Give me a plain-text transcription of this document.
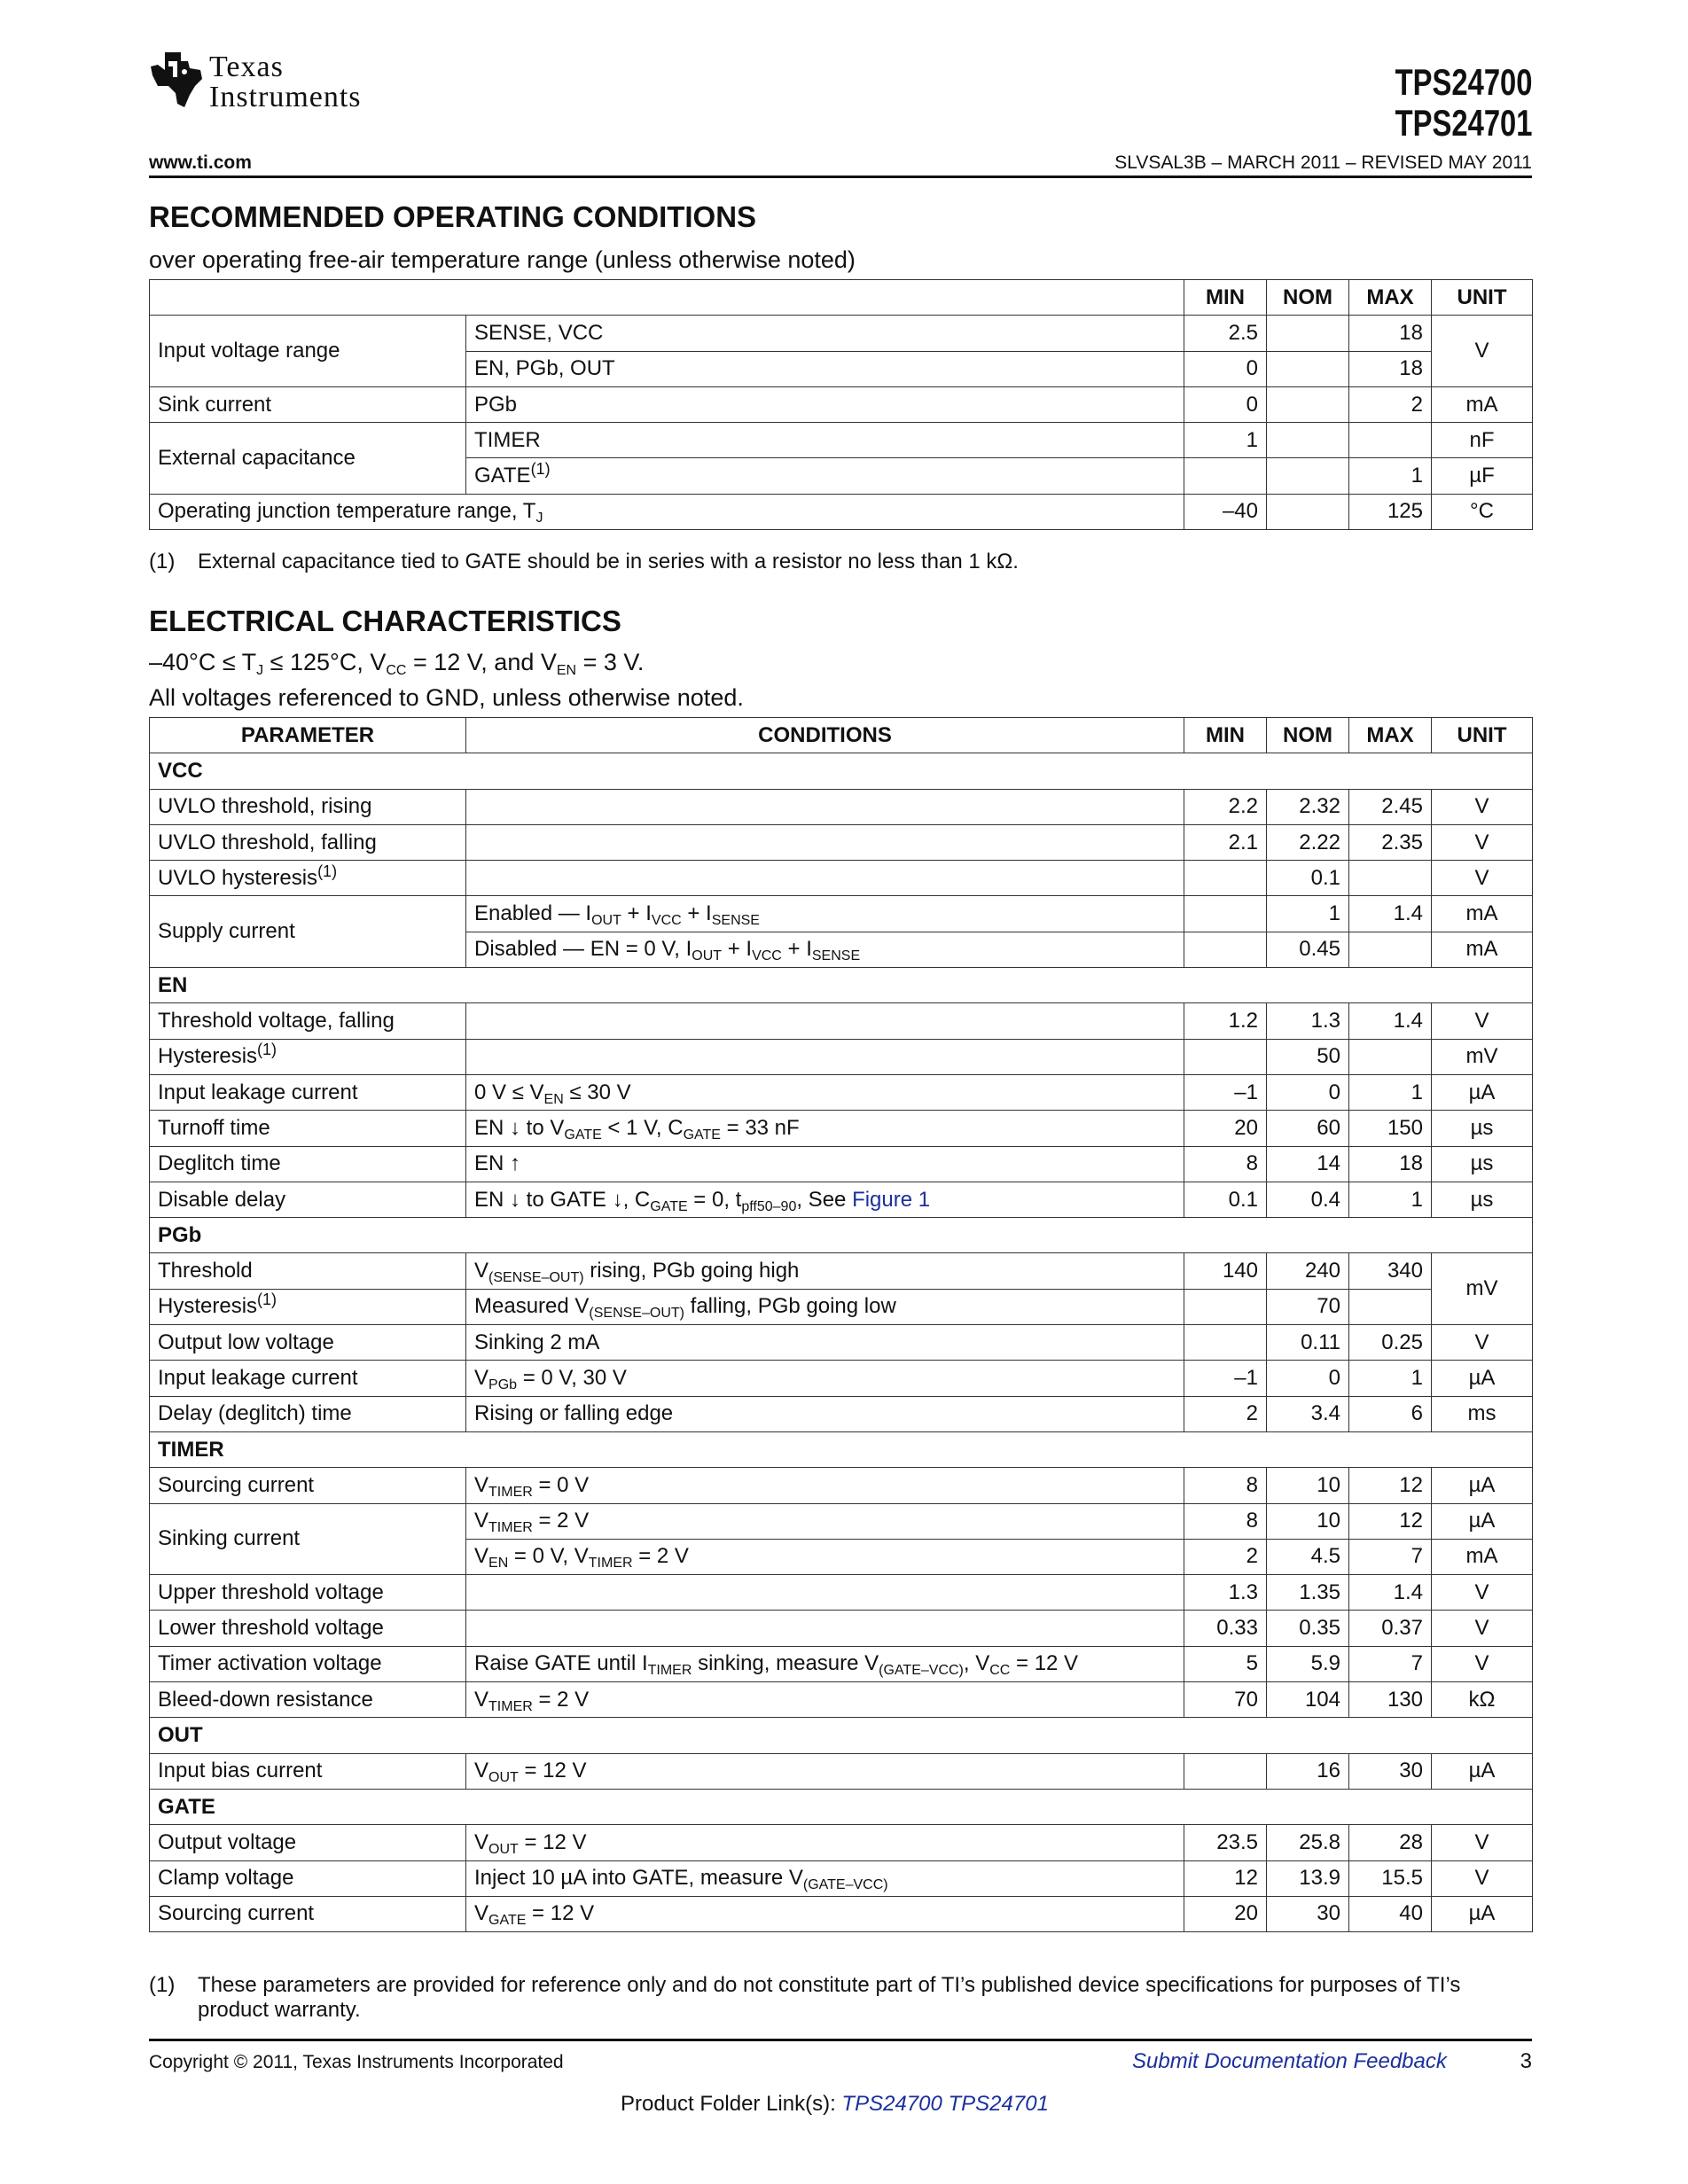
Texas
Instruments	TPS24700
TPS24701
www.ti.com	SLVSAL3B – MARCH 2011 – REVISED MAY 2011
RECOMMENDED OPERATING CONDITIONS
over operating free-air temperature range (unless otherwise noted)
		MIN	NOM	MAX	UNIT
Input voltage range	SENSE, VCC	2.5		18	V
	EN, PGb, OUT	0		18	
Sink current	PGb	0		2	mA
External capacitance	TIMER	1			nF
	GATE$^{(1)}$			1	µF
Operating junction temperature range, $T_J$		–40		125	°C
(1) External capacitance tied to GATE should be in series with a resistor no less than 1 kΩ.
ELECTRICAL CHARACTERISTICS
$-40^\circ C \le T_J \le 125^\circ C$, $V_{CC} = 12$ V, and $V_{EN} = 3$ V.
All voltages referenced to GND, unless otherwise noted.
PARAMETER	CONDITIONS	MIN	NOM	MAX	UNIT
VCC					
UVLO threshold, rising		2.2	2.32	2.45	V
UVLO threshold, falling		2.1	2.22	2.35	V
UVLO hysteresis$^{(1)}$			0.1		V
Supply current	Enabled — $I_{OUT} + I_{VCC} + I_{SENSE}$		1	1.4	mA
	Disabled — EN = 0 V, $I_{OUT} + I_{VCC} + I_{SENSE}$		0.45		mA
EN					
Threshold voltage, falling		1.2	1.3	1.4	V
Hysteresis$^{(1)}$			50		mV
Input leakage current	0 $V \le V_{EN} \le 30$ V	–1	0	1	µA
Turnoff time	EN ↓ to $V_{GATE} < 1$ V, $C_{GATE} = 33$ nF	20	60	150	µs
Deglitch time	EN ↑	8	14	18	µs
Disable delay	EN ↓ to GATE ↓, $C_{GATE} = 0$, $t_{pff50-90}$, See Figure 1	0.1	0.4	1	µs
PGb					
Threshold	$V_{(SENSE-OUT)}$ rising, PGb going high	140	240	340	mV
Hysteresis$^{(1)}$	Measured $V_{(SENSE-OUT)}$ falling, PGb going low		70		
Output low voltage	Sinking 2 mA		0.11	0.25	V
Input leakage current	$V_{PGb} = 0$ V, 30 V	–1	0	1	µA
Delay (deglitch) time	Rising or falling edge	2	3.4	6	ms
TIMER					
Sourcing current	$V_{TIMER} = 0$ V	8	10	12	µA
Sinking current	$V_{TIMER} = 2$ V	8	10	12	µA
	$V_{EN} = 0$ V, $V_{TIMER} = 2$ V	2	4.5	7	mA
Upper threshold voltage		1.3	1.35	1.4	V
Lower threshold voltage		0.33	0.35	0.37	V
Timer activation voltage	Raise GATE until $I_{TIMER}$ sinking, measure $V_{(GATE-VCC)}$, $V_{CC} = 12$ V	5	5.9	7	V
Bleed-down resistance	$V_{TIMER} = 2$ V	70	104	130	kΩ
OUT					
Input bias current	$V_{OUT} = 12$ V		16	30	µA
GATE					
Output voltage	$V_{OUT} = 12$ V	23.5	25.8	28	V
Clamp voltage	Inject 10 µA into GATE, measure $V_{(GATE-VCC)}$	12	13.9	15.5	V
Sourcing current	$V_{GATE} = 12$ V	20	30	40	µA
(1) These parameters are provided for reference only and do not constitute part of TI’s published device specifications for purposes of TI’s product warranty.
Copyright © 2011, Texas Instruments Incorporated	Submit Documentation Feedback	3
Product Folder Link(s): TPS24700 TPS24701
